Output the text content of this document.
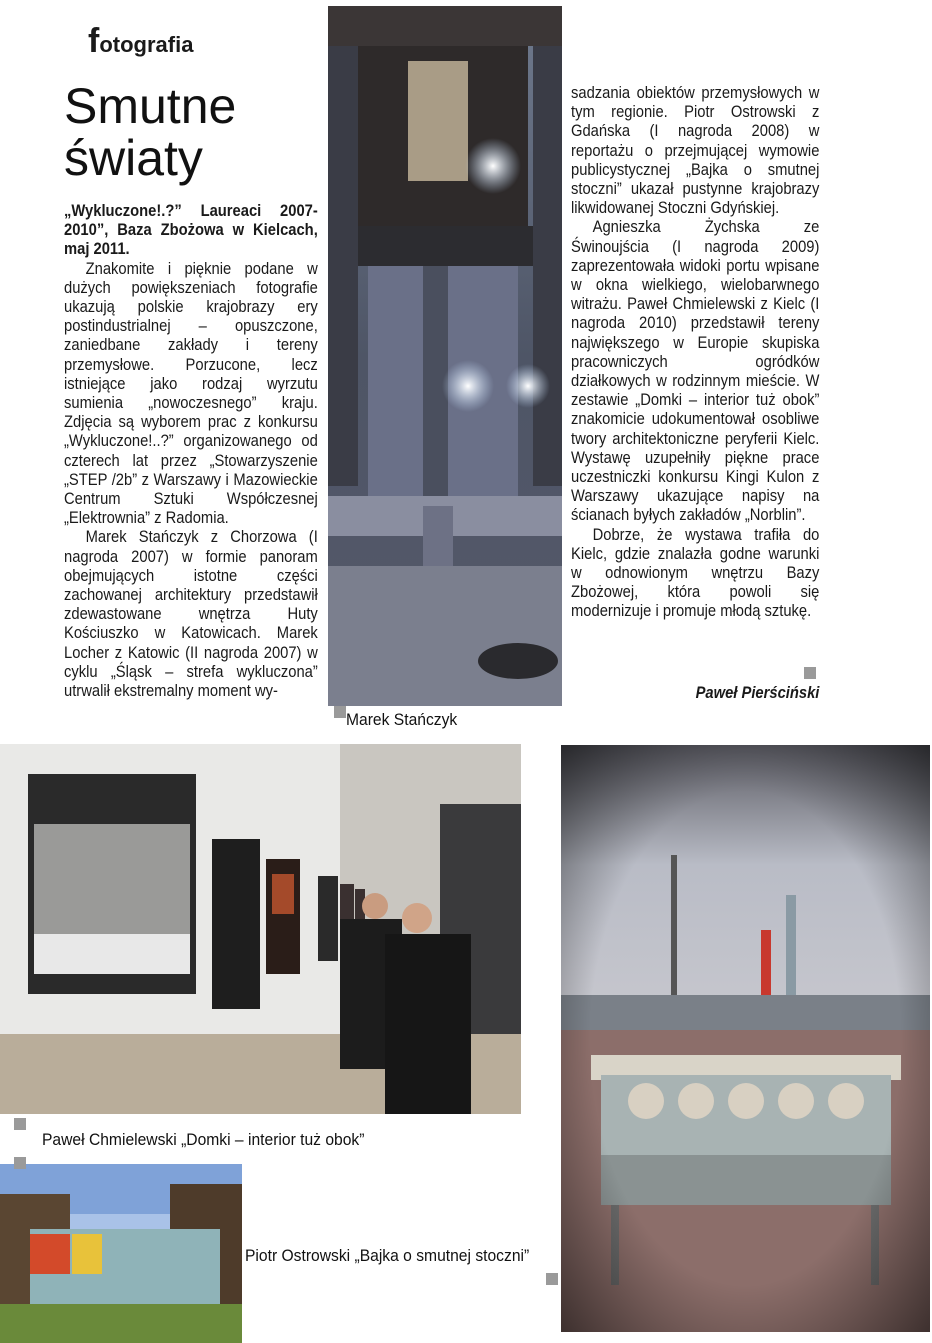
fotografia
Smutne
światy

„Wykluczone!.?” Laureaci 2007-2010”, Baza Zbożowa w Kielcach, maj 2011.

Znakomite i pięknie podane w dużych powiększeniach fotografie ukazują polskie krajobrazy ery postindustrialnej – opuszczone, zaniedbane zakłady i tereny przemysłowe. Porzucone, lecz istniejące jako rodzaj wyrzutu sumienia „nowoczesnego” kraju. Zdjęcia są wyborem prac z konkursu „Wykluczone!..?” organizowanego od czterech lat przez „Stowarzyszenie „STEP /2b” z Warszawy i Mazowieckie Centrum Sztuki Współczesnej „Elektrownia” z Radomia.

Marek Stańczyk z Chorzowa (I nagroda 2007) w formie panoram obejmujących istotne części zachowanej architektury przedstawił zdewastowane wnętrza Huty Kościuszko w Katowicach. Marek Locher z Katowic (II nagroda 2007) w cyklu „Śląsk – strefa wykluczona” utrwalił ekstremalny moment wy-

Marek Stańczyk

sadzania obiektów przemysłowych w tym regionie. Piotr Ostrowski z Gdańska (I nagroda 2008) w reportażu o przejmującej wymowie publicystycznej „Bajka o smutnej stoczni” ukazał pustynne krajobrazy likwidowanej Stoczni Gdyńskiej.

Agnieszka Żychska ze Świnoujścia (I nagroda 2009) zaprezentowała widoki portu wpisane w okna wielkiego, wielobarwnego witrażu. Paweł Chmielewski z Kielc (I nagroda 2010) przedstawił tereny największego w Europie skupiska pracowniczych ogródków działkowych w rodzinnym mieście. W zestawie „Domki – interior tuż obok” znakomicie udokumentował osobliwe twory architektoniczne peryferii Kielc. Wystawę uzupełniły piękne prace uczestniczki konkursu Kingi Kulon z Warszawy ukazujące napisy na ścianach byłych zakładów „Norblin”.

Dobrze, że wystawa trafiła do Kielc, gdzie znalazła godne warunki w odnowionym wnętrzu Bazy Zbożowej, która powoli się modernizuje i promuje młodą sztukę.

Paweł Pierściński
Paweł Chmielewski „Domki – interior tuż obok”
Piotr Ostrowski „Bajka o smutnej stoczni”
